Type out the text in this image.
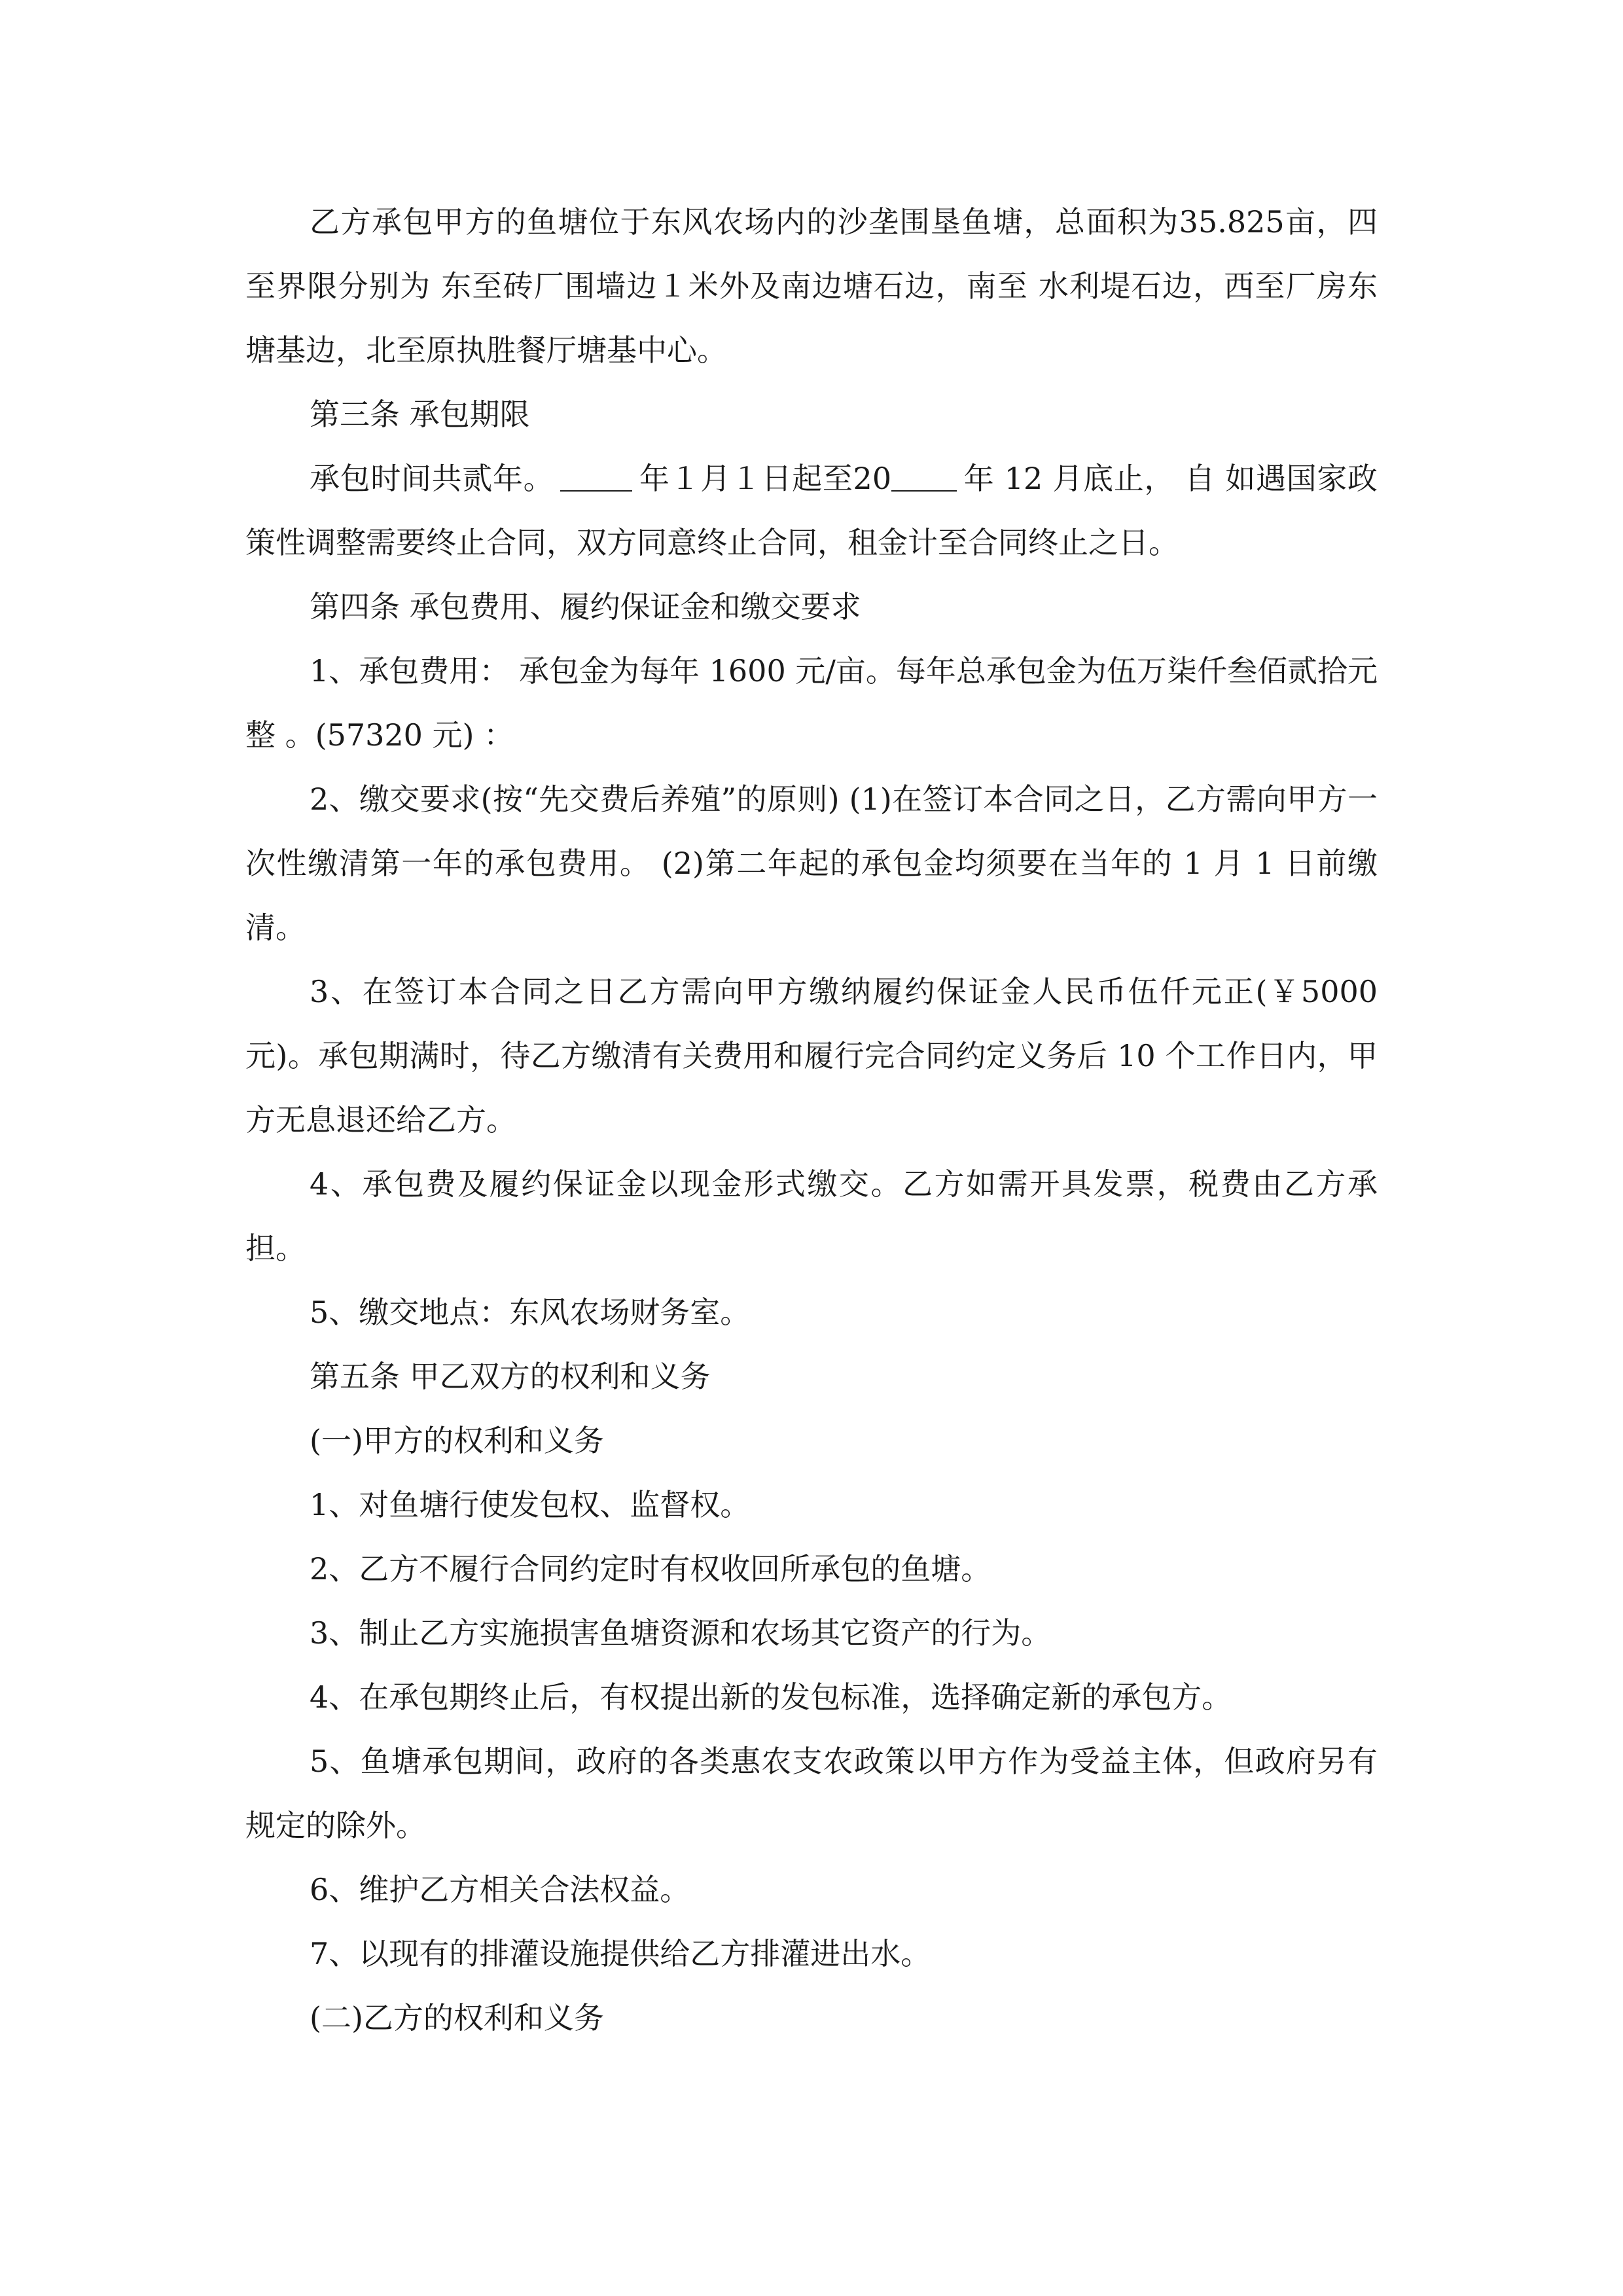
乙方承包甲方的鱼塘位于东风农场内的沙垄围垦鱼塘，总面积为35.825亩，四至界限分别为 东至砖厂围墙边１米外及南边塘石边，南至 水利堤石边，西至厂房东塘基边，北至原执胜餐厅塘基中心。

第三条 承包期限

承包时间共贰年。	年１月１日起至20 年 12 月底止， 自 如遇国家政策性调整需要终止合同，双方同意终止合同，租金计至合同终止之日。

第四条 承包费用、履约保证金和缴交要求

1、承包费用： 承包金为每年 1600 元/亩。每年总承包金为伍万柒仟叁佰贰拾元整 。(57320 元) ：

2、缴交要求(按“先交费后养殖”的原则) (1)在签订本合同之日，乙方需向甲方一次性缴清第一年的承包费用。 (2)第二年起的承包金均须要在当年的 1 月 1 日前缴清。

3、在签订本合同之日乙方需向甲方缴纳履约保证金人民币伍仟元正(￥5000 元)。承包期满时，待乙方缴清有关费用和履行完合同约定义务后 10 个工作日内，甲方无息退还给乙方。

4、承包费及履约保证金以现金形式缴交。乙方如需开具发票，税费由乙方承担。

5、缴交地点：东风农场财务室。

第五条 甲乙双方的权利和义务

(一)甲方的权利和义务

1、对鱼塘行使发包权、监督权。

2、乙方不履行合同约定时有权收回所承包的鱼塘。

3、制止乙方实施损害鱼塘资源和农场其它资产的行为。

4、在承包期终止后，有权提出新的发包标准，选择确定新的承包方。

5、鱼塘承包期间，政府的各类惠农支农政策以甲方作为受益主体，但政府另有规定的除外。

6、维护乙方相关合法权益。

7、以现有的排灌设施提供给乙方排灌进出水。

(二)乙方的权利和义务
